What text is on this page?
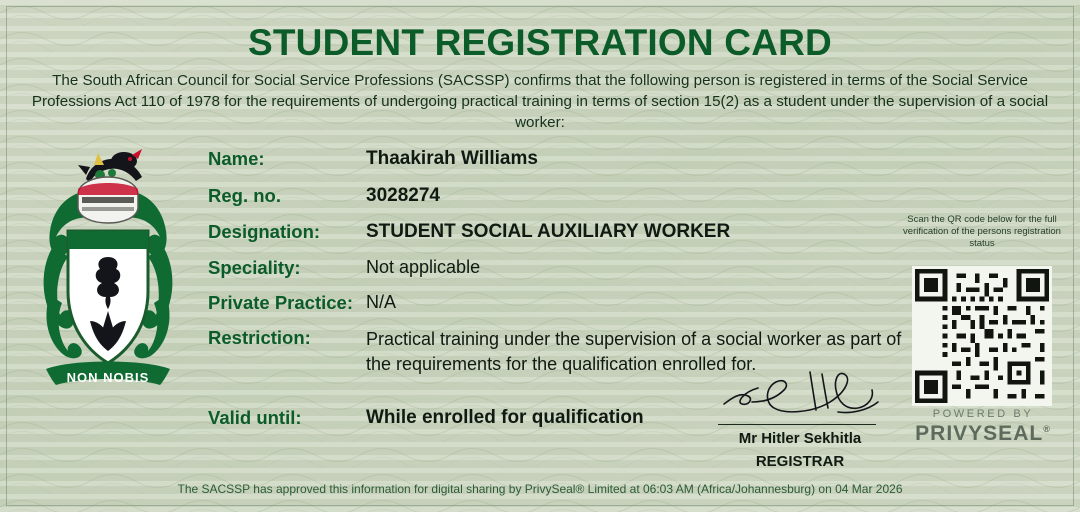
STUDENT REGISTRATION CARD
The South African Council for Social Service Professions (SACSSP) confirms that the following person is registered in terms of the Social Service Professions Act 110 of 1978 for the requirements of undergoing practical training in terms of section 15(2) as a student under the supervision of a social worker:
NON NOBIS
Name:	Thaakirah Williams
Reg. no.	3028274
Designation: STUDENT SOCIAL AUXILIARY WORKER
Speciality:	Not applicable
Private Practice: N/A
Restriction:	Practical training under the supervision of a social worker as part of the requirements for the qualification enrolled for.
Valid until:	While enrolled for qualification
Scan the QR code below for the full verification of the persons registration status
POWERED BY
PRIVYSEAL®
Mr Hitler Sekhitla
REGISTRAR
The SACSSP has approved this information for digital sharing by PrivySeal® Limited at 06:03 AM (Africa/Johannesburg) on 04 Mar 2026
